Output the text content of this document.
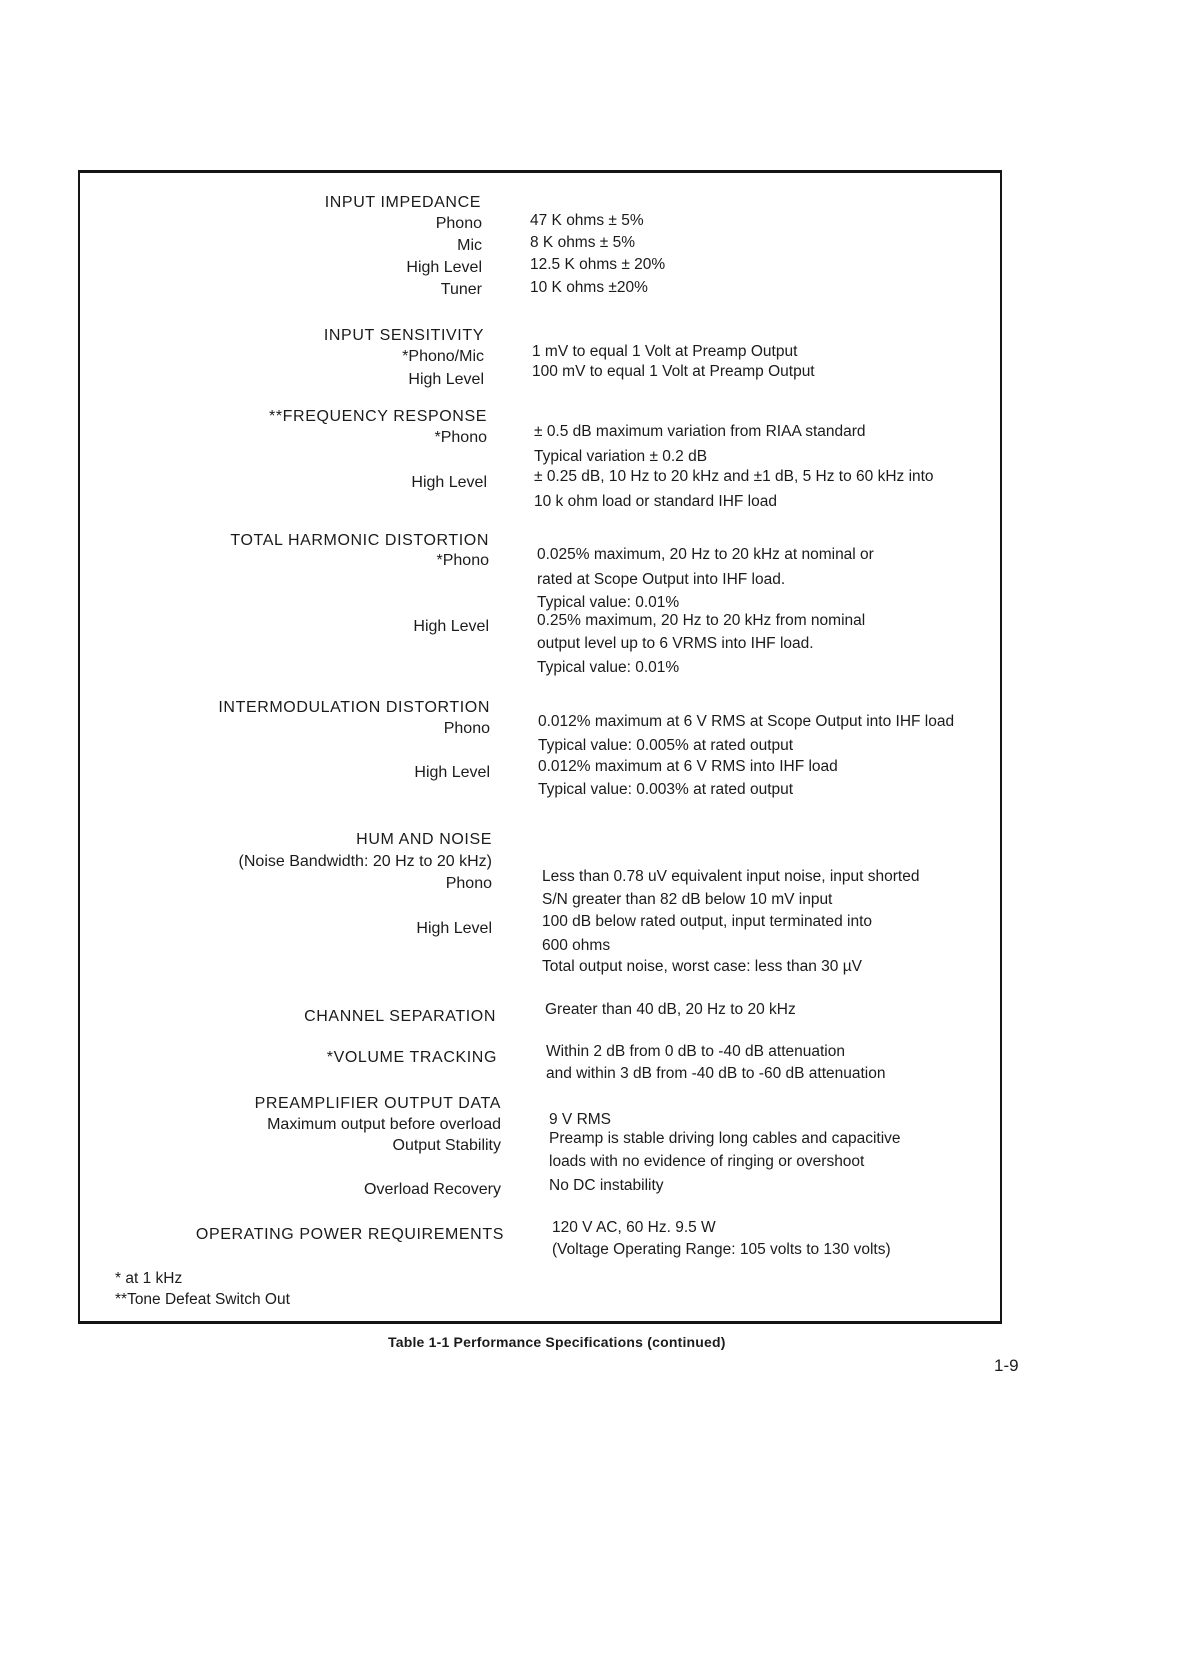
INPUT IMPEDANCE
Phono	47 K ohms ± 5%
Mic	8 K ohms ± 5%
High Level	12.5 K ohms ± 20%
Tuner	10 K ohms ±20%
INPUT SENSITIVITY
*Phono/Mic	1 mV to equal 1 Volt at Preamp Output
High Level	100 mV to equal 1 Volt at Preamp Output
**FREQUENCY RESPONSE
*Phono	± 0.5 dB maximum variation from RIAA standard
Typical variation ± 0.2 dB
High Level	± 0.25 dB, 10 Hz to 20 kHz and ±1 dB, 5 Hz to 60 kHz into
10 k ohm load or standard IHF load
TOTAL HARMONIC DISTORTION
*Phono	0.025% maximum, 20 Hz to 20 kHz at nominal or
rated at Scope Output into IHF load.
Typical value: 0.01%
High Level	0.25% maximum, 20 Hz to 20 kHz from nominal
output level up to 6 VRMS into IHF load.
Typical value: 0.01%
INTERMODULATION DISTORTION
Phono	0.012% maximum at 6 V RMS at Scope Output into IHF load
Typical value: 0.005% at rated output
High Level	0.012% maximum at 6 V RMS into IHF load
Typical value: 0.003% at rated output
HUM AND NOISE
(Noise Bandwidth: 20 Hz to 20 kHz)
Phono	Less than 0.78 uV equivalent input noise, input shorted
S/N greater than 82 dB below 10 mV input
High Level	100 dB below rated output, input terminated into
600 ohms
Total output noise, worst case: less than 30 µV
CHANNEL SEPARATION	Greater than 40 dB, 20 Hz to 20 kHz
*VOLUME TRACKING	Within 2 dB from 0 dB to -40 dB attenuation
and within 3 dB from -40 dB to -60 dB attenuation
PREAMPLIFIER OUTPUT DATA
Maximum output before overload	9 V RMS
Output Stability	Preamp is stable driving long cables and capacitive
loads with no evidence of ringing or overshoot
Overload Recovery	No DC instability
OPERATING POWER REQUIREMENTS	120 V AC, 60 Hz. 9.5 W
(Voltage Operating Range: 105 volts to 130 volts)
* at 1 kHz
**Tone Defeat Switch Out
Table 1-1 Performance Specifications (continued)
1-9
